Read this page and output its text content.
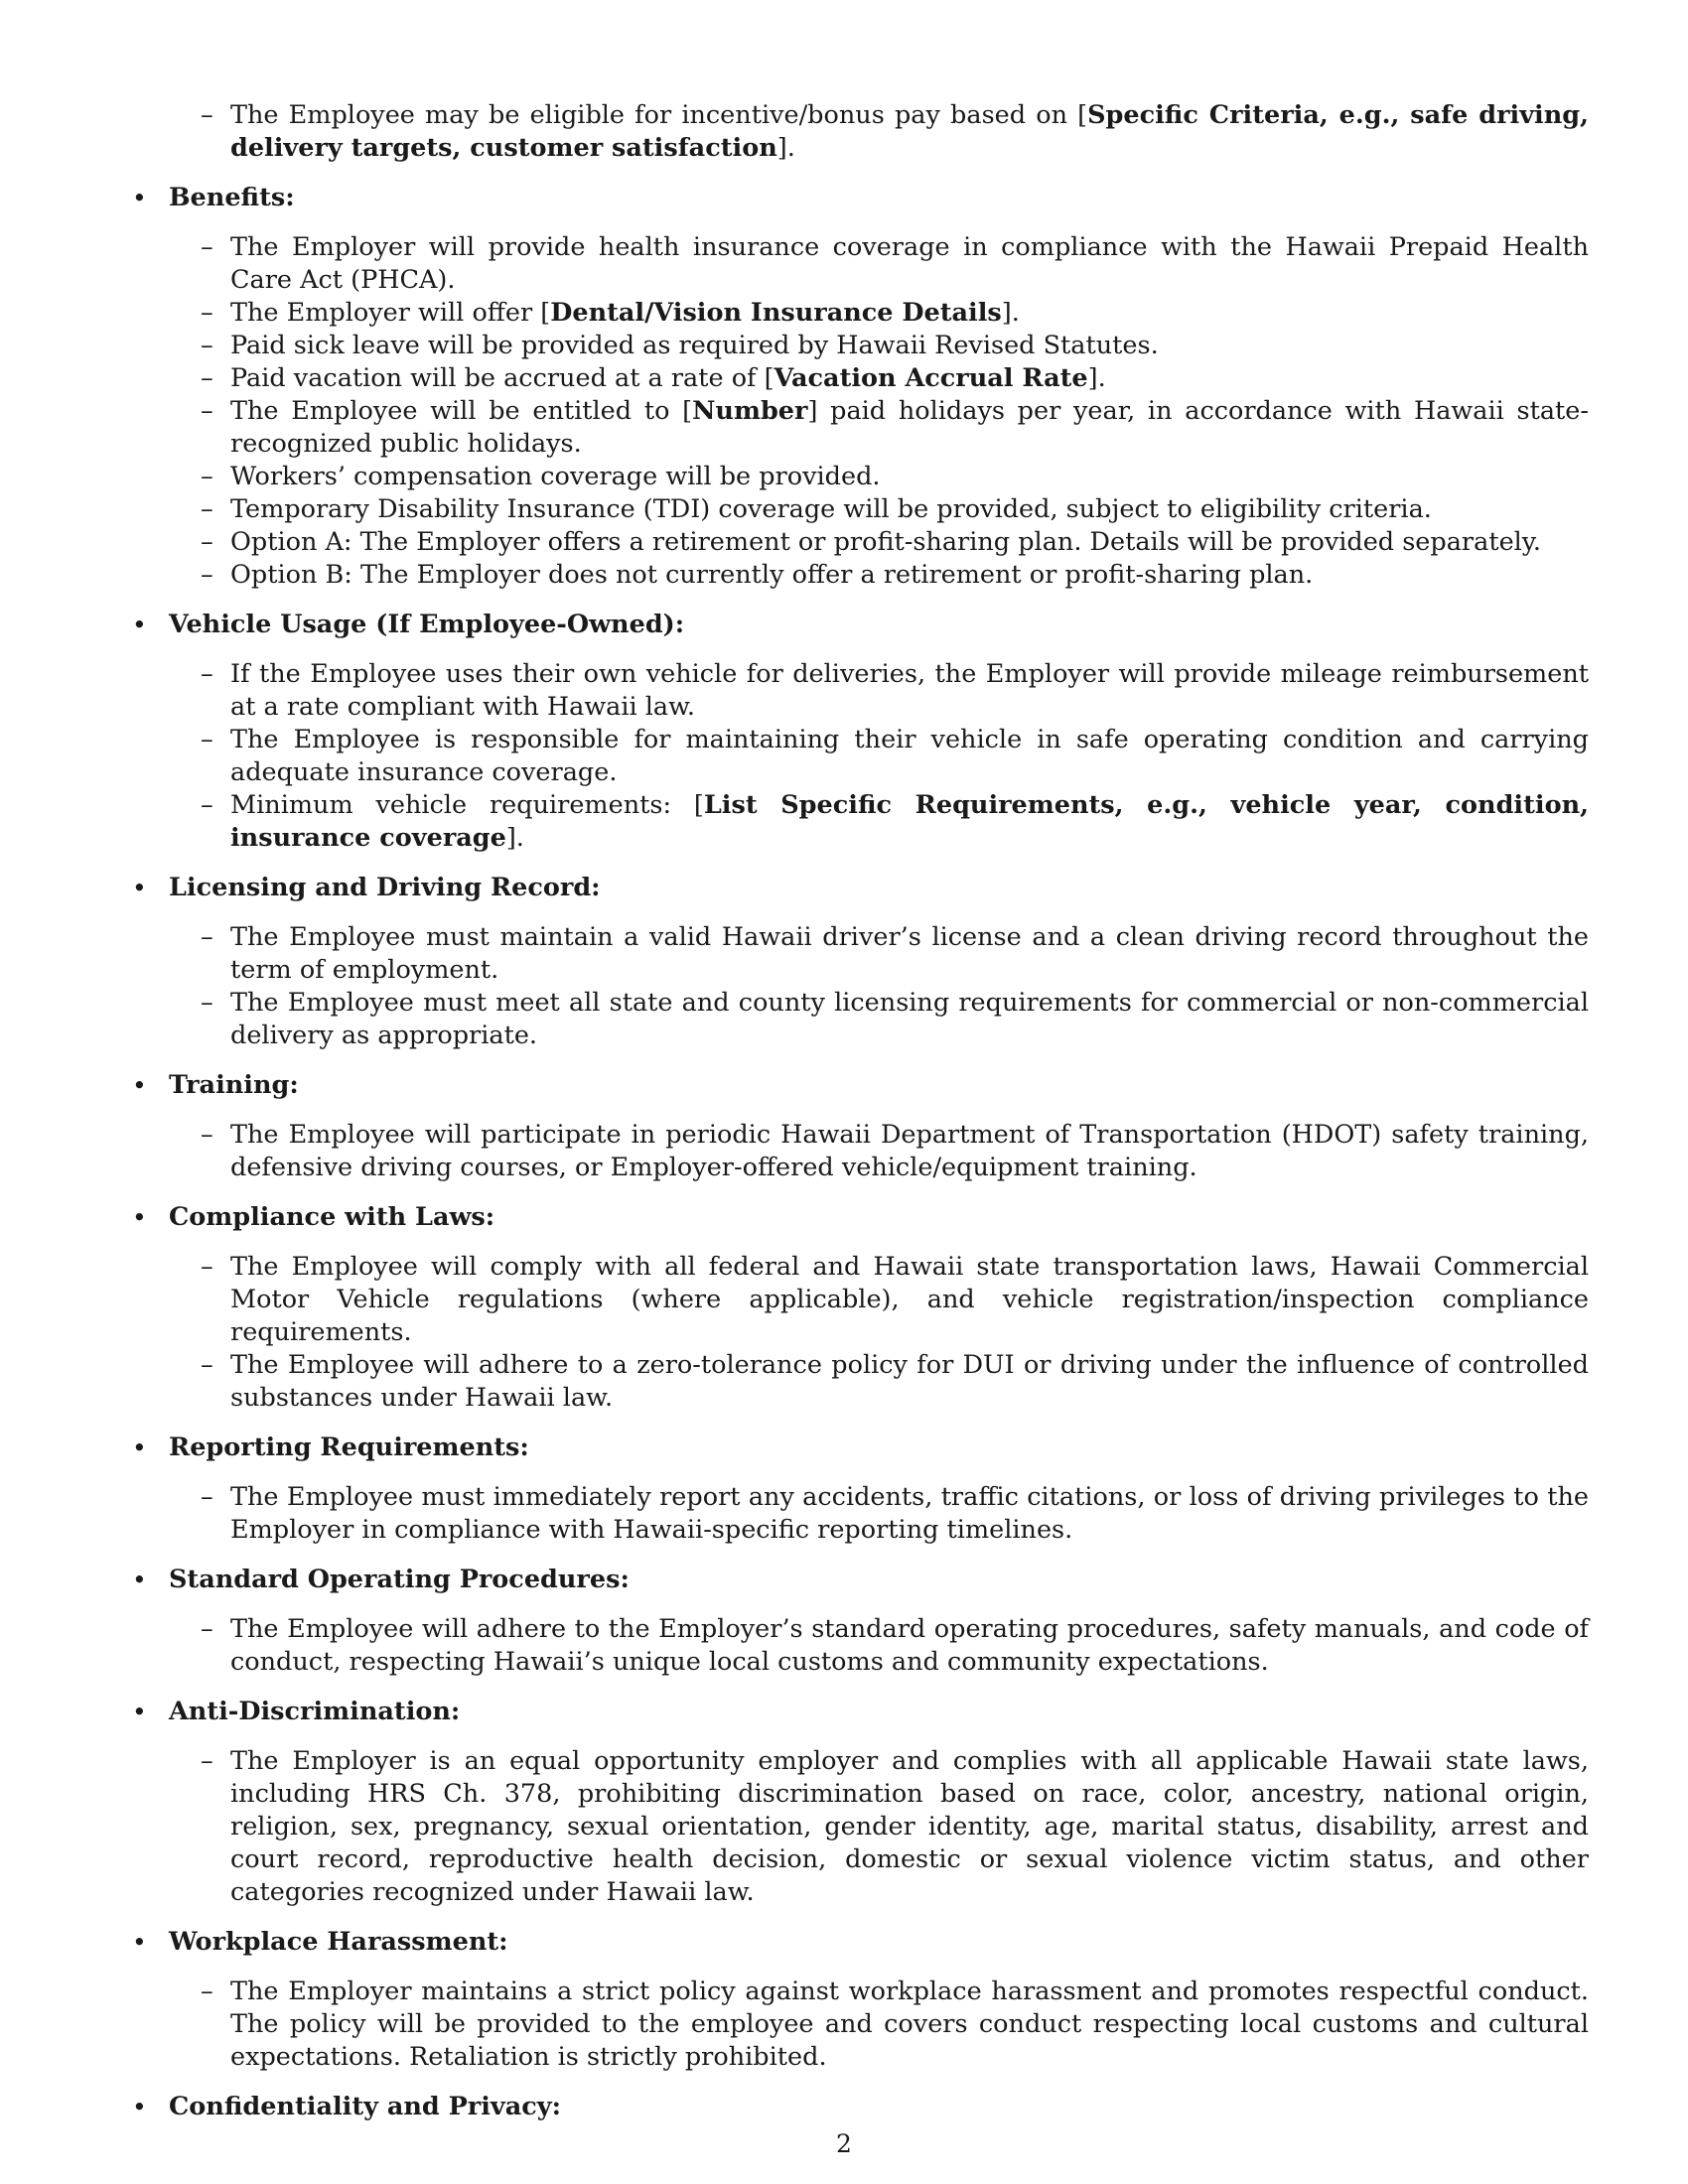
– The Employee may be eligible for incentive/bonus pay based on [Specific Criteria, e.g., safe driving, delivery targets, customer satisfaction].
• Benefits:
– The Employer will provide health insurance coverage in compliance with the Hawaii Prepaid Health Care Act (PHCA).
– The Employer will offer [Dental/Vision Insurance Details].
– Paid sick leave will be provided as required by Hawaii Revised Statutes.
– Paid vacation will be accrued at a rate of [Vacation Accrual Rate].
– The Employee will be entitled to [Number] paid holidays per year, in accordance with Hawaii state-recognized public holidays.
– Workers’ compensation coverage will be provided.
– Temporary Disability Insurance (TDI) coverage will be provided, subject to eligibility criteria.
– Option A: The Employer offers a retirement or profit-sharing plan. Details will be provided separately.
– Option B: The Employer does not currently offer a retirement or profit-sharing plan.
• Vehicle Usage (If Employee-Owned):
– If the Employee uses their own vehicle for deliveries, the Employer will provide mileage reimbursement at a rate compliant with Hawaii law.
– The Employee is responsible for maintaining their vehicle in safe operating condition and carrying adequate insurance coverage.
– Minimum vehicle requirements: [List Specific Requirements, e.g., vehicle year, condition, insurance coverage].
• Licensing and Driving Record:
– The Employee must maintain a valid Hawaii driver’s license and a clean driving record throughout the term of employment.
– The Employee must meet all state and county licensing requirements for commercial or non-commercial delivery as appropriate.
• Training:
– The Employee will participate in periodic Hawaii Department of Transportation (HDOT) safety training, defensive driving courses, or Employer-offered vehicle/equipment training.
• Compliance with Laws:
– The Employee will comply with all federal and Hawaii state transportation laws, Hawaii Commercial Motor Vehicle regulations (where applicable), and vehicle registration/inspection compliance requirements.
– The Employee will adhere to a zero-tolerance policy for DUI or driving under the influence of controlled substances under Hawaii law.
• Reporting Requirements:
– The Employee must immediately report any accidents, traffic citations, or loss of driving privileges to the Employer in compliance with Hawaii-specific reporting timelines.
• Standard Operating Procedures:
– The Employee will adhere to the Employer’s standard operating procedures, safety manuals, and code of conduct, respecting Hawaii’s unique local customs and community expectations.
• Anti-Discrimination:
– The Employer is an equal opportunity employer and complies with all applicable Hawaii state laws, including HRS Ch. 378, prohibiting discrimination based on race, color, ancestry, national origin, religion, sex, pregnancy, sexual orientation, gender identity, age, marital status, disability, arrest and court record, reproductive health decision, domestic or sexual violence victim status, and other categories recognized under Hawaii law.
• Workplace Harassment:
– The Employer maintains a strict policy against workplace harassment and promotes respectful conduct. The policy will be provided to the employee and covers conduct respecting local customs and cultural expectations. Retaliation is strictly prohibited.
• Confidentiality and Privacy:
2
